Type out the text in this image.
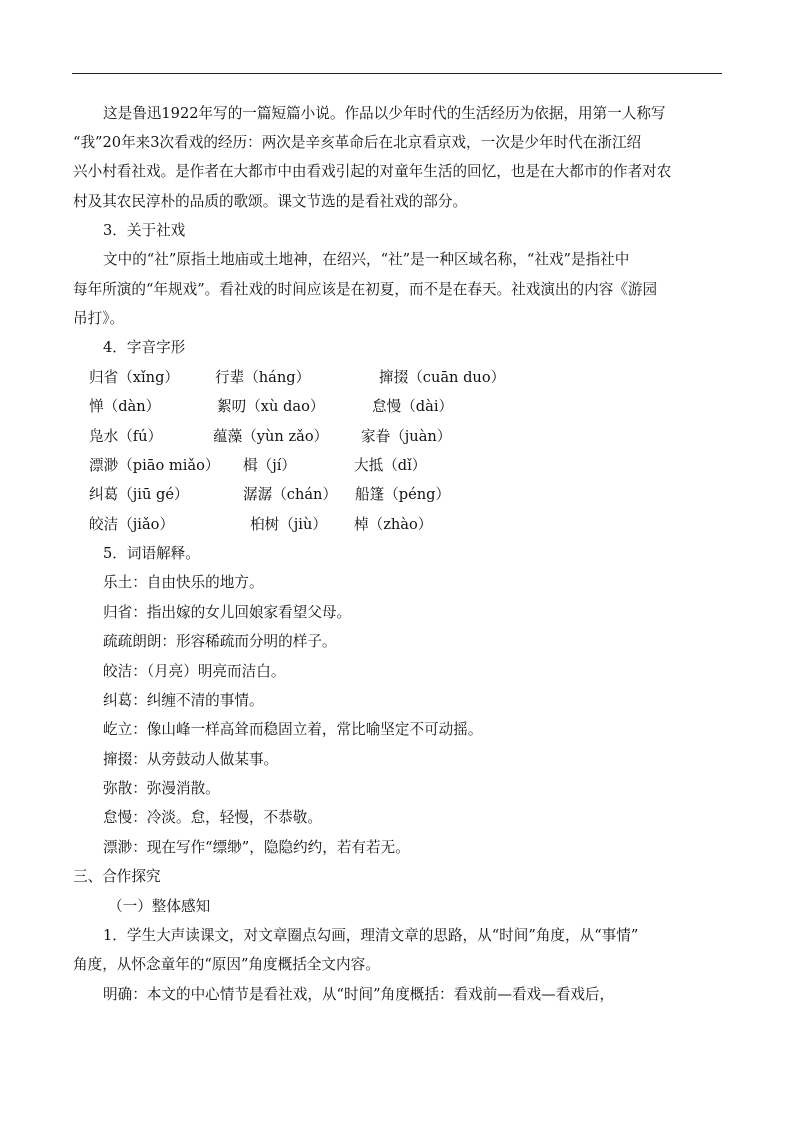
这是鲁迅1922年写的一篇短篇小说。作品以少年时代的生活经历为依据，用第一人称写
“我”20年来3次看戏的经历：两次是辛亥革命后在北京看京戏，一次是少年时代在浙江绍
兴小村看社戏。是作者在大都市中由看戏引起的对童年生活的回忆，也是在大都市的作者对农
村及其农民淳朴的品质的歌颂。课文节选的是看社戏的部分。
3．关于社戏
文中的“社”原指土地庙或土地神，在绍兴，“社”是一种区域名称，“社戏”是指社中
每年所演的“年规戏”。看社戏的时间应该是在初夏，而不是在春天。社戏演出的内容《游园
吊打》。
4．字音字形
归省（xǐng） 行辈（háng）	撺掇（cuān duo）
惮（dàn）	絮叨（xù dao）	怠慢（dài）
凫水（fú）	蕴藻（yùn zǎo） 家眷（juàn）
漂渺（piāo miǎo） 楫（jí）	大抵（dǐ）
纠葛（jiū gé）	潺潺（chán） 船篷（péng）
皎洁（jiǎo）	桕树（jiù） 棹（zhào）
5．词语解释。
乐土：自由快乐的地方。
归省：指出嫁的女儿回娘家看望父母。
疏疏朗朗：形容稀疏而分明的样子。
皎洁：（月亮）明亮而洁白。
纠葛：纠缠不清的事情。
屹立：像山峰一样高耸而稳固立着，常比喻坚定不可动摇。
撺掇：从旁鼓动人做某事。
弥散：弥漫消散。
怠慢：冷淡。怠，轻慢，不恭敬。
漂渺：现在写作“缥缈”，隐隐约约，若有若无。
三、合作探究
（一）整体感知
1．学生大声读课文，对文章圈点勾画，理清文章的思路，从“时间”角度，从“事情”
角度，从怀念童年的“原因”角度概括全文内容。
明确：本文的中心情节是看社戏，从“时间”角度概括：看戏前—看戏—看戏后，
